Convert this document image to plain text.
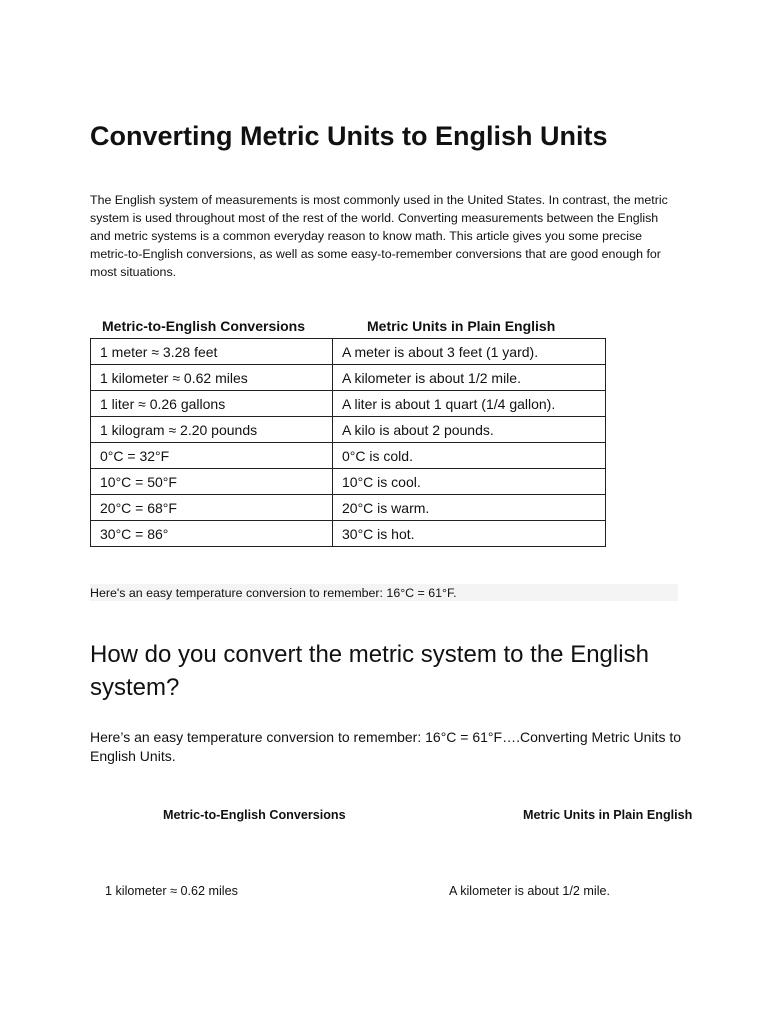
Converting Metric Units to English Units

The English system of measurements is most commonly used in the United States. In contrast, the metric system is used throughout most of the rest of the world. Converting measurements between the English and metric systems is a common everyday reason to know math. This article gives you some precise metric-to-English conversions, as well as some easy-to-remember conversions that are good enough for most situations.

Metric-to-English Conversions	Metric Units in Plain English
1 meter ≈ 3.28 feet	A meter is about 3 feet (1 yard).
1 kilometer ≈ 0.62 miles	A kilometer is about 1/2 mile.
1 liter ≈ 0.26 gallons	A liter is about 1 quart (1/4 gallon).
1 kilogram ≈ 2.20 pounds	A kilo is about 2 pounds.
0°C = 32°F	0°C is cold.
10°C = 50°F	10°C is cool.
20°C = 68°F	20°C is warm.
30°C = 86°	30°C is hot.

Here's an easy temperature conversion to remember: 16°C = 61°F.

How do you convert the metric system to the English system?

Here’s an easy temperature conversion to remember: 16°C = 61°F….Converting Metric Units to English Units.

Metric-to-English Conversions	Metric Units in Plain English
1 kilometer ≈ 0.62 miles	A kilometer is about 1/2 mile.
